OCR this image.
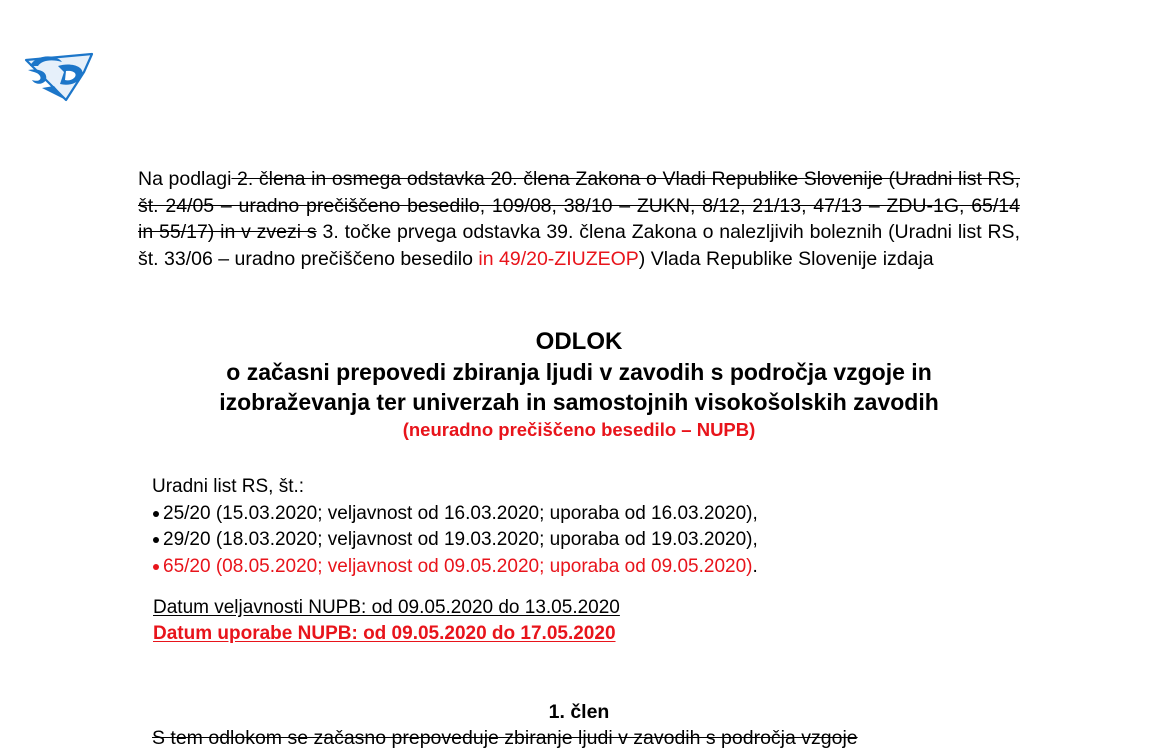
Na podlagi 2. člena in osmega odstavka 20. člena Zakona o Vladi Republike Slovenije (Uradni list RS, št. 24/05 – uradno prečiščeno besedilo, 109/08, 38/10 – ZUKN, 8/12, 21/13, 47/13 – ZDU-1G, 65/14 in 55/17) in v zvezi s 3. točke prvega odstavka 39. člena Zakona o nalezljivih boleznih (Uradni list RS, št. 33/06 – uradno prečiščeno besedilo in 49/20-ZIUZEOP) Vlada Republike Slovenije izdaja
ODLOK
o začasni prepovedi zbiranja ljudi v zavodih s področja vzgoje in
izobraževanja ter univerzah in samostojnih visokošolskih zavodih
(neuradno prečiščeno besedilo – NUPB)
Uradni list RS, št.:
25/20 (15.03.2020; veljavnost od 16.03.2020; uporaba od 16.03.2020),
29/20 (18.03.2020; veljavnost od 19.03.2020; uporaba od 19.03.2020),
65/20 (08.05.2020; veljavnost od 09.05.2020; uporaba od 09.05.2020) .
Datum veljavnosti NUPB: od 09.05.2020 do 13.05.2020
Datum uporabe NUPB: od 09.05.2020 do 17.05.2020
1. člen
S tem odlokom se začasno prepoveduje zbiranje ljudi v zavodih s področja vzgoje
